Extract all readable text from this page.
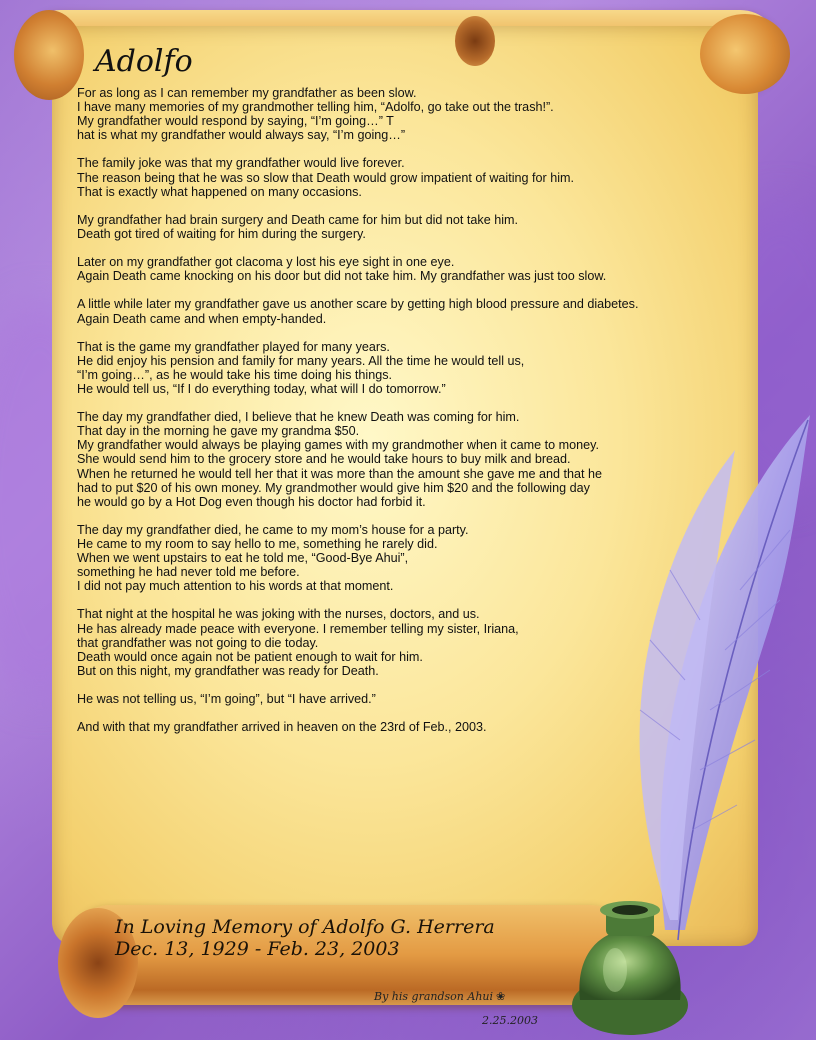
Adolfo

For as long as I can remember my grandfather as been slow.
I have many memories of my grandmother telling him, “Adolfo, go take out the trash!”.
My grandfather would respond by saying, “I’m going…” T
hat is what my grandfather would always say, “I’m going…”

The family joke was that my grandfather would live forever.
The reason being that he was so slow that Death would grow impatient of waiting for him.
That is exactly what happened on many occasions.

My grandfather had brain surgery and Death came for him but did not take him.
Death got tired of waiting for him during the surgery.

Later on my grandfather got clacoma y lost his eye sight in one eye.
Again Death came knocking on his door but did not take him. My grandfather was just too slow.

A little while later my grandfather gave us another scare by getting high blood pressure and diabetes.
Again Death came and when empty-handed.

That is the game my grandfather played for many years.
He did enjoy his pension and family for many years. All the time he would tell us,
“I’m going…”, as he would take his time doing his things.
He would tell us, “If I do everything today, what will I do tomorrow.”

The day my grandfather died, I believe that he knew Death was coming for him.
That day in the morning he gave my grandma $50.
My grandfather would always be playing games with my grandmother when it came to money.
She would send him to the grocery store and he would take hours to buy milk and bread.
When he returned he would tell her that it was more than the amount she gave me and that he
had to put $20 of his own money. My grandmother would give him $20 and the following day
he would go by a Hot Dog even though his doctor had forbid it.

The day my grandfather died, he came to my mom’s house for a party.
He came to my room to say hello to me, something he rarely did.
When we went upstairs to eat he told me, “Good-Bye Ahui”,
something he had never told me before.
I did not pay much attention to his words at that moment.

That night at the hospital he was joking with the nurses, doctors, and us.
He has already made peace with everyone. I remember telling my sister, Iriana,
that grandfather was not going to die today.
Death would once again not be patient enough to wait for him.
But on this night, my grandfather was ready for Death.

He was not telling us, “I’m going”, but “I have arrived.”

And with that my grandfather arrived in heaven on the 23rd of Feb., 2003.

In Loving Memory of Adolfo G. Herrera
Dec. 13, 1929 - Feb. 23, 2003
By his grandson Ahui ❀
2.25.2003
